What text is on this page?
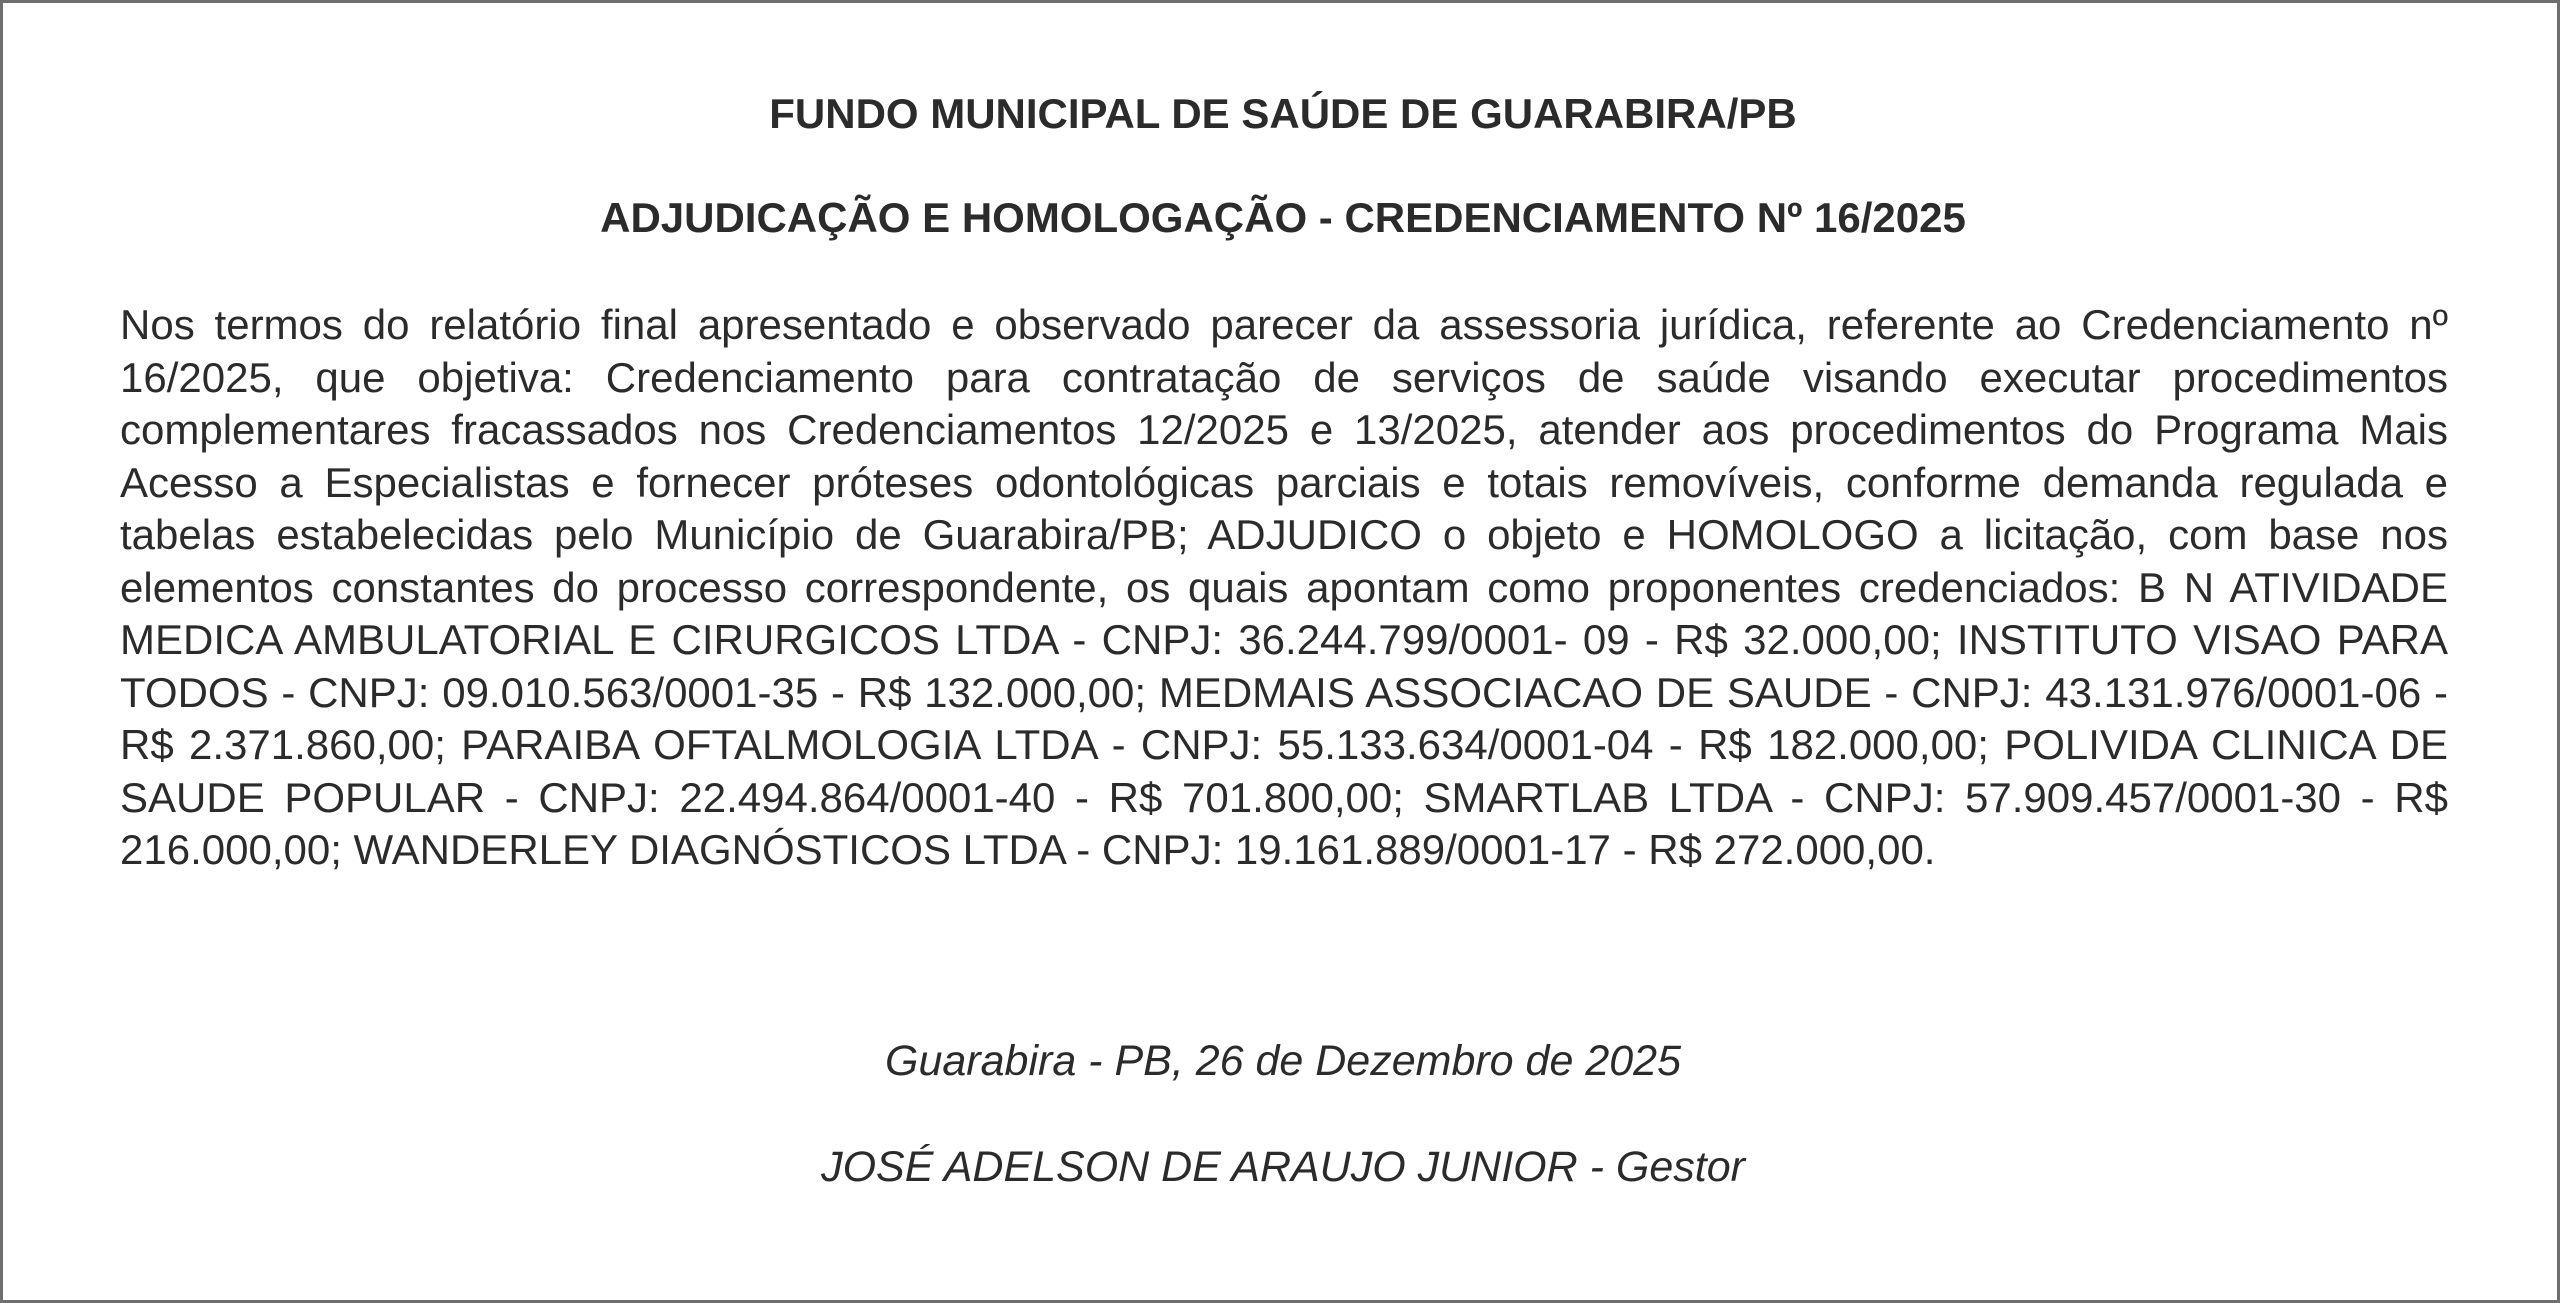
FUNDO MUNICIPAL DE SAÚDE DE GUARABIRA/PB
ADJUDICAÇÃO E HOMOLOGAÇÃO - CREDENCIAMENTO Nº 16/2025

Nos termos do relatório final apresentado e observado parecer da assessoria jurídica, referente ao Credenciamento nº 16/2025, que objetiva: Credenciamento para contratação de serviços de saúde visando executar procedimentos complementares fracassados nos Credenciamentos 12/2025 e 13/2025, atender aos procedimentos do Programa Mais Acesso a Especialistas e fornecer próteses odontológicas parciais e totais removíveis, conforme demanda regulada e tabelas estabelecidas pelo Município de Guarabira/PB; ADJUDICO o objeto e HOMOLOGO a licitação, com base nos elementos constantes do processo correspondente, os quais apontam como proponentes credenciados: B N ATIVIDADE MEDICA AMBULATORIAL E CIRURGICOS LTDA - CNPJ: 36.244.799/0001- 09 - R$ 32.000,00; INSTITUTO VISAO PARA TODOS - CNPJ: 09.010.563/0001-35 - R$ 132.000,00; MEDMAIS ASSOCIACAO DE SAUDE - CNPJ: 43.131.976/0001-06 - R$ 2.371.860,00; PARAIBA OFTALMOLOGIA LTDA - CNPJ: 55.133.634/0001-04 - R$ 182.000,00; POLIVIDA CLINICA DE SAUDE POPULAR - CNPJ: 22.494.864/0001-40 - R$ 701.800,00; SMARTLAB LTDA - CNPJ: 57.909.457/0001-30 - R$ 216.000,00; WANDERLEY DIAGNÓSTICOS LTDA - CNPJ: 19.161.889/0001-17 - R$ 272.000,00.

Guarabira - PB, 26 de Dezembro de 2025

JOSÉ ADELSON DE ARAUJO JUNIOR - Gestor
